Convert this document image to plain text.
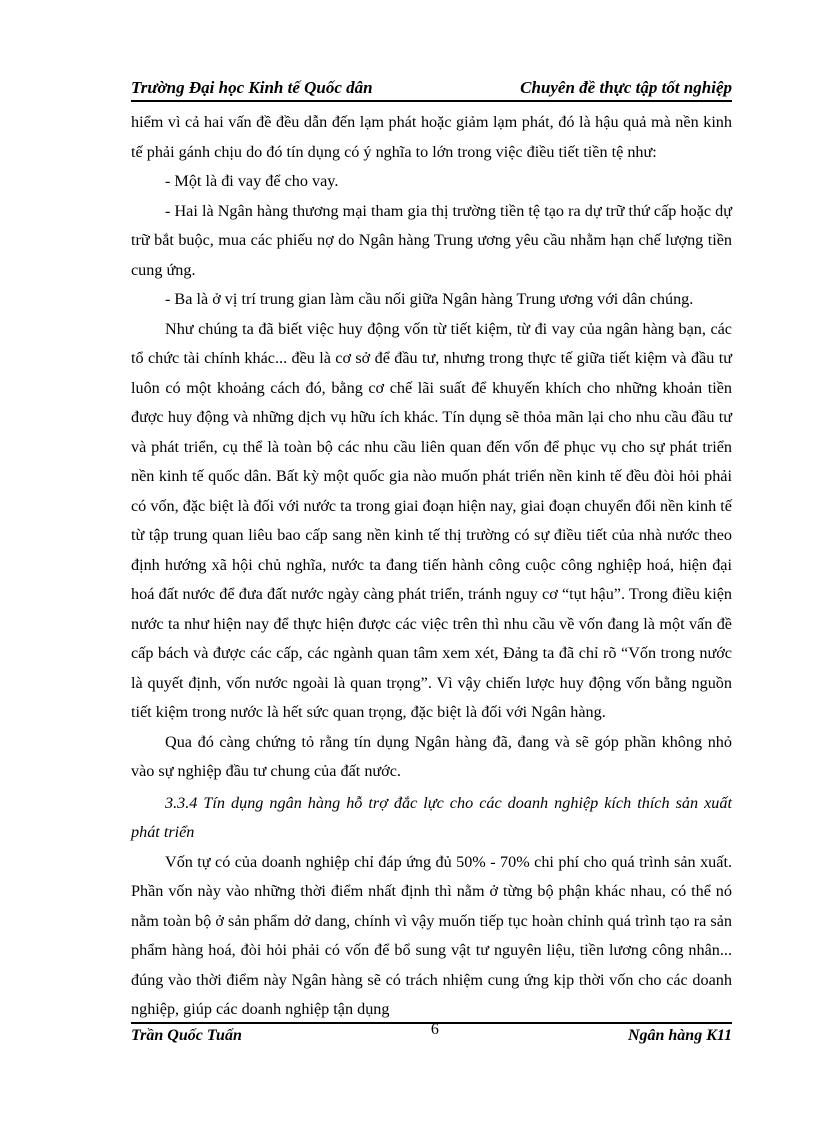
Trường Đại học Kinh tế Quốc dân	Chuyên đề thực tập tốt nghiệp

hiểm vì cả hai vấn đề đều dẫn đến lạm phát hoặc giảm lạm phát, đó là hậu quả mà nền kinh tế phải gánh chịu do đó tín dụng có ý nghĩa to lớn trong việc điều tiết tiền tệ như:

- Một là đi vay để cho vay.

- Hai là Ngân hàng thương mại tham gia thị trường tiền tệ tạo ra dự trữ thứ cấp hoặc dự trữ bắt buộc, mua các phiếu nợ do Ngân hàng Trung ương yêu cầu nhằm hạn chế lượng tiền cung ứng.

- Ba là ở vị trí trung gian làm cầu nối giữa Ngân hàng Trung ương với dân chúng.

Như chúng ta đã biết việc huy động vốn từ tiết kiệm, từ đi vay của ngân hàng bạn, các tổ chức tài chính khác... đều là cơ sở để đầu tư, nhưng trong thực tế giữa tiết kiệm và đầu tư luôn có một khoảng cách đó, bằng cơ chế lãi suất để khuyến khích cho những khoản tiền được huy động và những dịch vụ hữu ích khác. Tín dụng sẽ thỏa mãn lại cho nhu cầu đầu tư và phát triển, cụ thể là toàn bộ các nhu cầu liên quan đến vốn để phục vụ cho sự phát triển nền kinh tế quốc dân. Bất kỳ một quốc gia nào muốn phát triển nền kinh tế đều đòi hỏi phải có vốn, đặc biệt là đối với nước ta trong giai đoạn hiện nay, giai đoạn chuyển đổi nền kinh tế từ tập trung quan liêu bao cấp sang nền kinh tế thị trường có sự điều tiết của nhà nước theo định hướng xã hội chủ nghĩa, nước ta đang tiến hành công cuộc công nghiệp hoá, hiện đại hoá đất nước để đưa đất nước ngày càng phát triển, tránh nguy cơ “tụt hậu”. Trong điều kiện nước ta như hiện nay để thực hiện được các việc trên thì nhu cầu về vốn đang là một vấn đề cấp bách và được các cấp, các ngành quan tâm xem xét, Đảng ta đã chỉ rõ “Vốn trong nước là quyết định, vốn nước ngoài là quan trọng”. Vì vậy chiến lược huy động vốn bằng nguồn tiết kiệm trong nước là hết sức quan trọng, đặc biệt là đối với Ngân hàng.

Qua đó càng chứng tỏ rằng tín dụng Ngân hàng đã, đang và sẽ góp phần không nhỏ vào sự nghiệp đầu tư chung của đất nước.

3.3.4 Tín dụng ngân hàng hỗ trợ đắc lực cho các doanh nghiệp kích thích sản xuất phát triển

Vốn tự có của doanh nghiệp chỉ đáp ứng đủ 50% - 70% chi phí cho quá trình sản xuất. Phần vốn này vào những thời điểm nhất định thì nằm ở từng bộ phận khác nhau, có thể nó nằm toàn bộ ở sản phẩm dở dang, chính vì vậy muốn tiếp tục hoàn chỉnh quá trình tạo ra sản phẩm hàng hoá, đòi hỏi phải có vốn để bổ sung vật tư nguyên liệu, tiền lương công nhân... đúng vào thời điểm này Ngân hàng sẽ có trách nhiệm cung ứng kịp thời vốn cho các doanh nghiệp, giúp các doanh nghiệp tận dụng

Trần Quốc Tuấn	6	Ngân hàng K11
